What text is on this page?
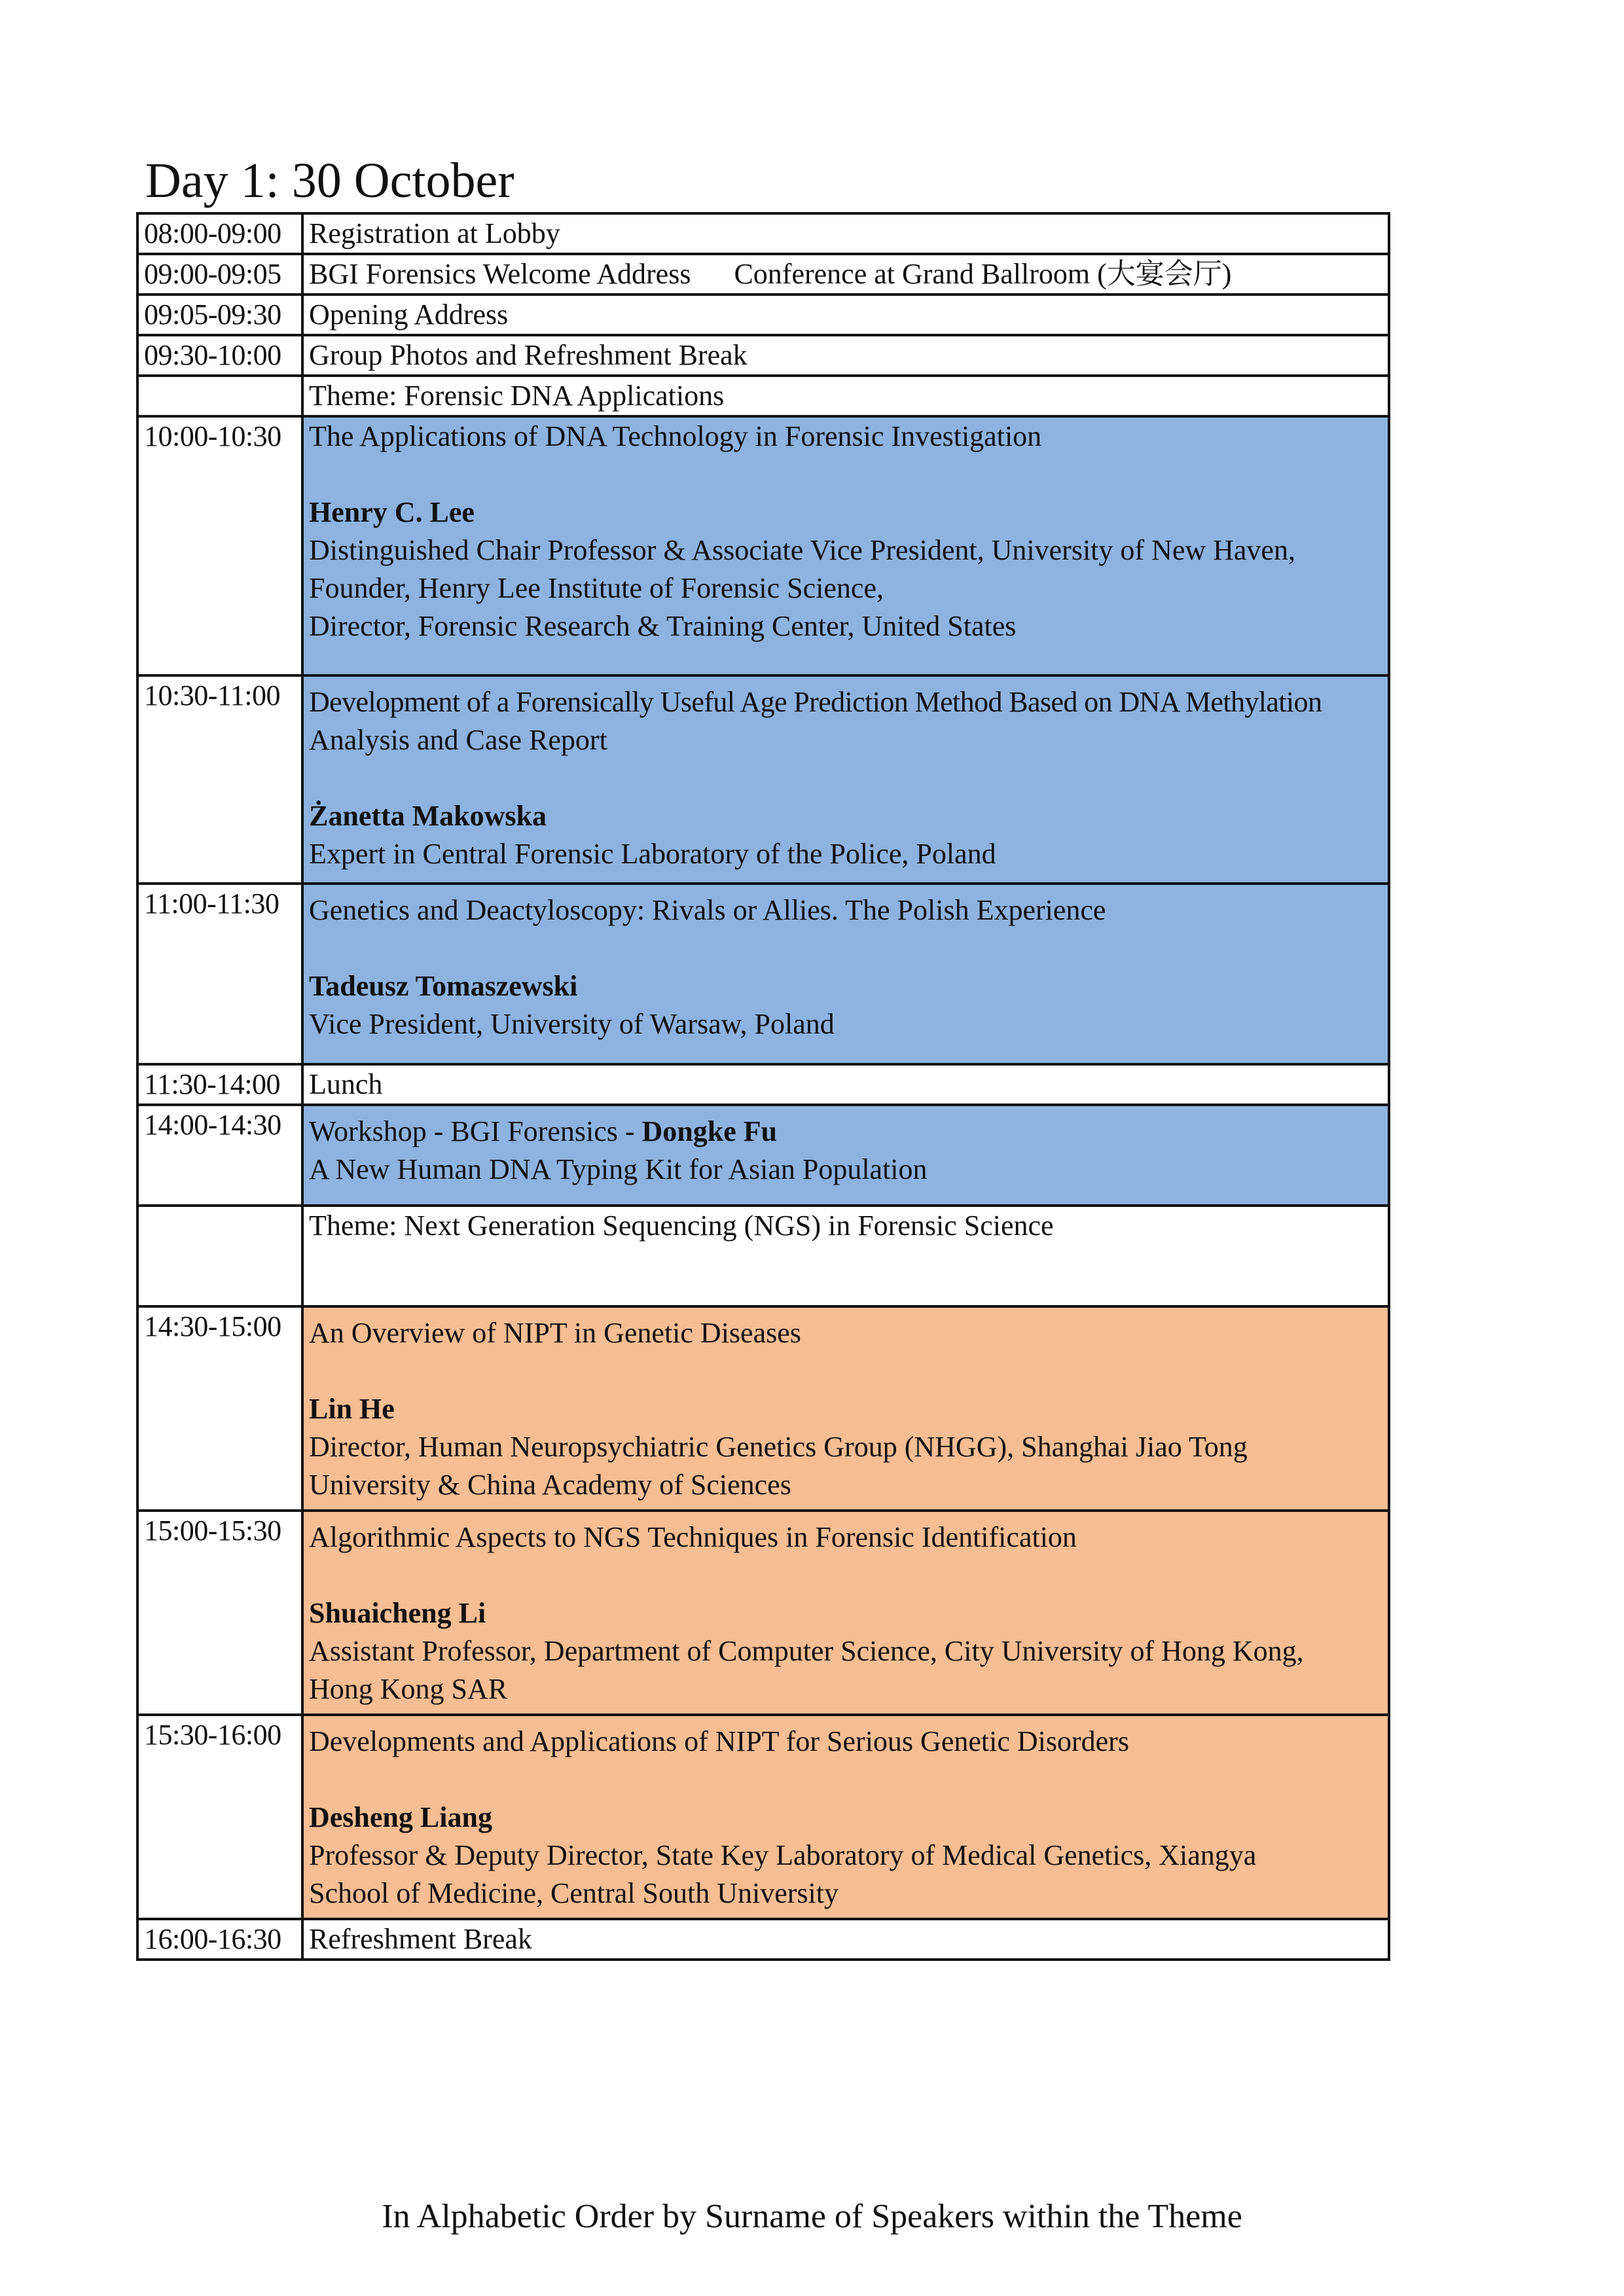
Day 1: 30 October
08:00-09:00	Registration at Lobby
09:00-09:05	BGI Forensics Welcome Address Conference at Grand Ballroom (大宴会厅)

09:05-09:30	Opening Address
09:30-10:00	Group Photos and Refreshment Break
	Theme: Forensic DNA Applications
10:00-10:30	The Applications of DNA Technology in Forensic Investigation
Henry C. Lee
Distinguished Chair Professor & Associate Vice President, University of New Haven,
Founder, Henry Lee Institute of Forensic Science,
Director, Forensic Research & Training Center, United States

10:30-11:00	Development of a Forensically Useful Age Prediction Method Based on DNA Methylation
Analysis and Case Report
Żanetta Makowska
Expert in Central Forensic Laboratory of the Police, Poland

11:00-11:30	Genetics and Deactyloscopy: Rivals or Allies. The Polish Experience
Tadeusz Tomaszewski
Vice President, University of Warsaw, Poland

11:30-14:00	Lunch
14:00-14:30	Workshop - BGI Forensics - Dongke Fu
A New Human DNA Typing Kit for Asian Population

	Theme: Next Generation Sequencing (NGS) in Forensic Science
14:30-15:00	An Overview of NIPT in Genetic Diseases
Lin He
Director, Human Neuropsychiatric Genetics Group (NHGG), Shanghai Jiao Tong
University & China Academy of Sciences

15:00-15:30	Algorithmic Aspects to NGS Techniques in Forensic Identification
Shuaicheng Li
Assistant Professor, Department of Computer Science, City University of Hong Kong,
Hong Kong SAR

15:30-16:00	Developments and Applications of NIPT for Serious Genetic Disorders
Desheng Liang
Professor & Deputy Director, State Key Laboratory of Medical Genetics, Xiangya
School of Medicine, Central South University

16:00-16:30	Refreshment Break
In Alphabetic Order by Surname of Speakers within the Theme
